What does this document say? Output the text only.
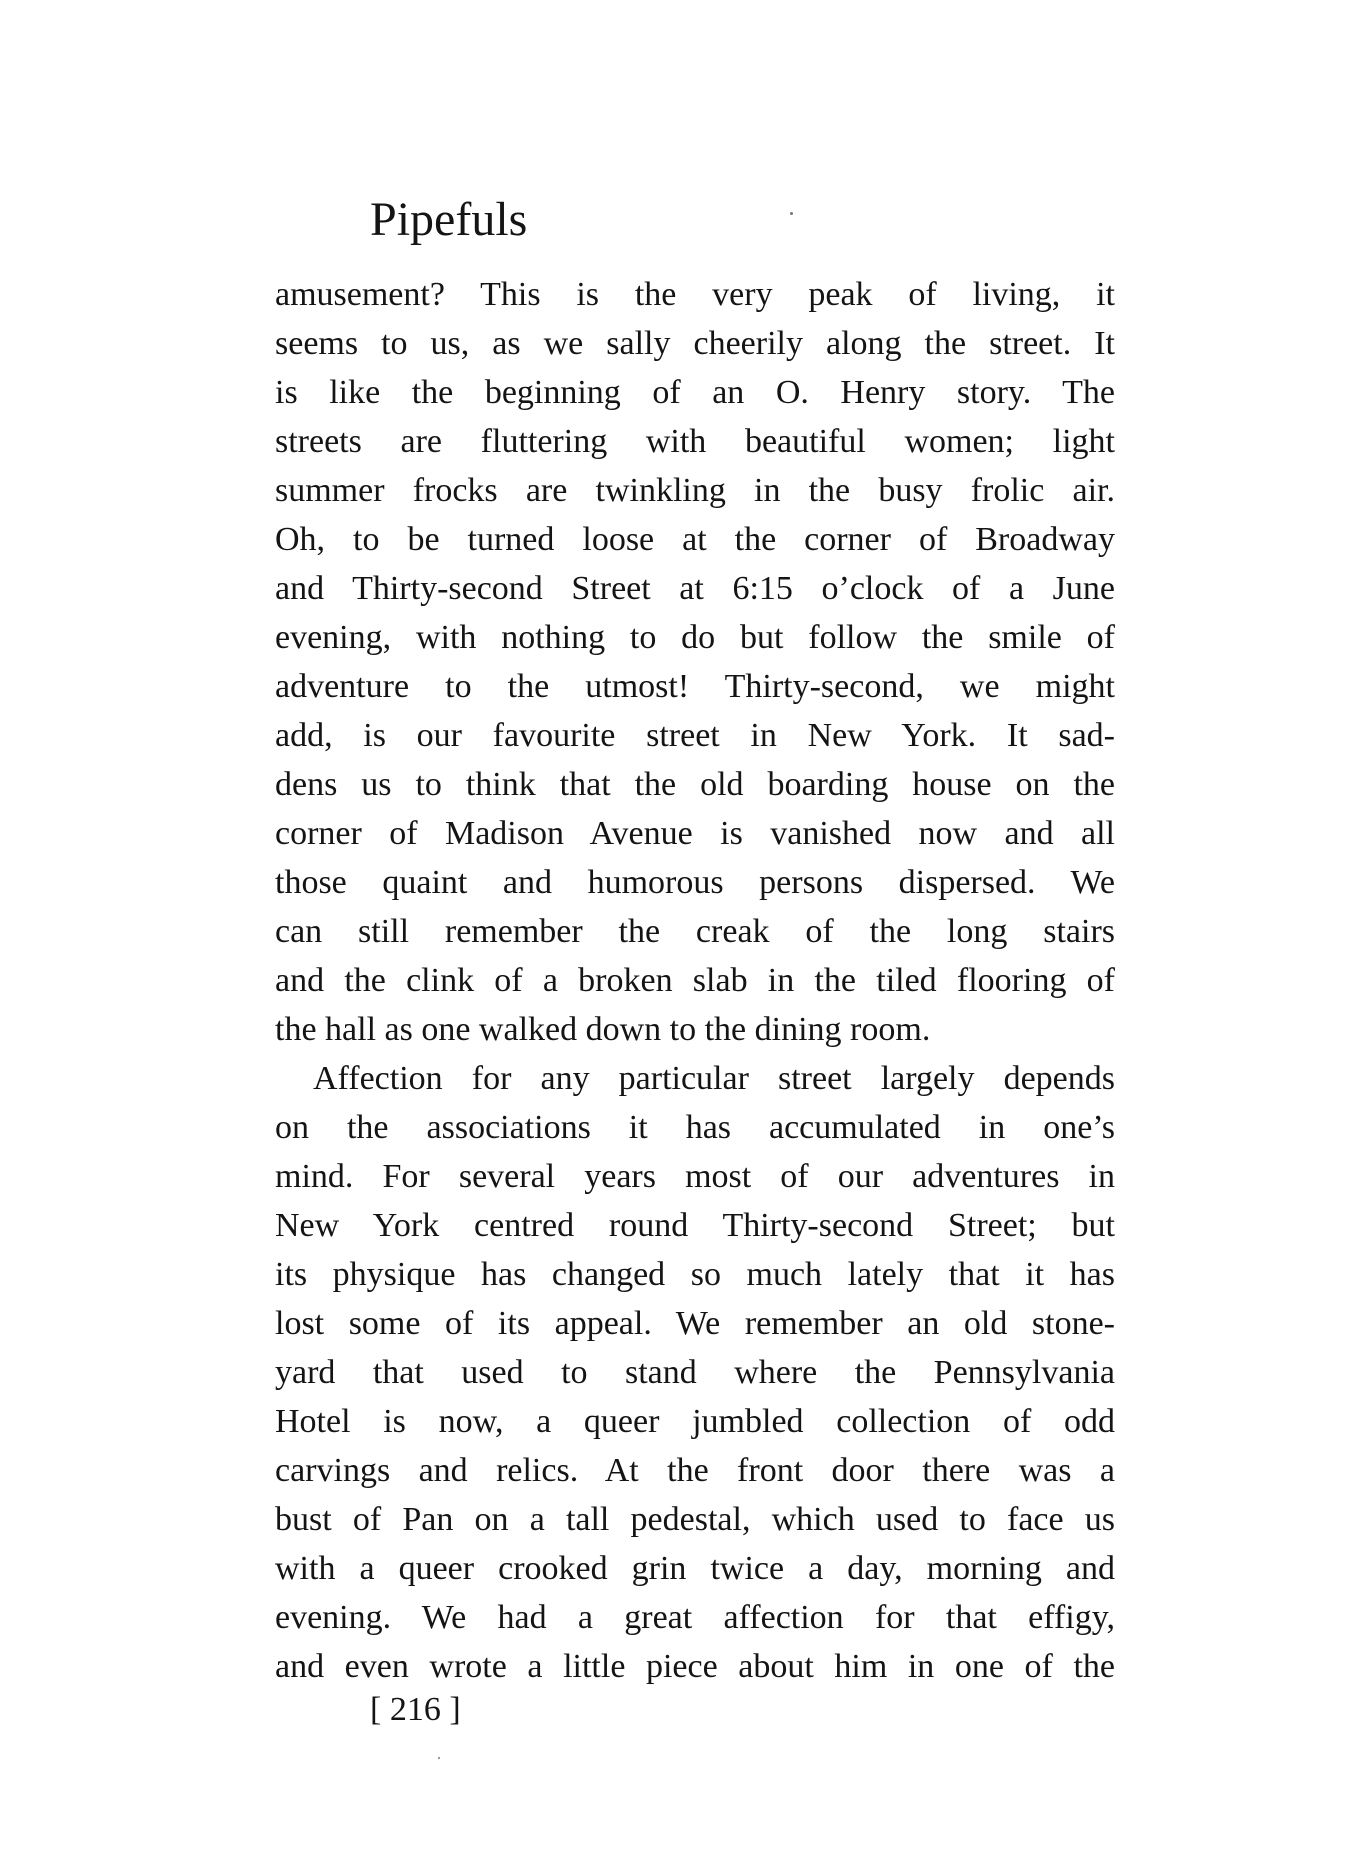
Pipefuls
amusement? This is the very peak of living, it
seems to us, as we sally cheerily along the street. It
is like the beginning of an O. Henry story. The
streets are fluttering with beautiful women; light
summer frocks are twinkling in the busy frolic air.
Oh, to be turned loose at the corner of Broadway
and Thirty-second Street at 6:15 o’clock of a June
evening, with nothing to do but follow the smile of
adventure to the utmost! Thirty-second, we might
add, is our favourite street in New York. It sad-
dens us to think that the old boarding house on the
corner of Madison Avenue is vanished now and all
those quaint and humorous persons dispersed. We
can still remember the creak of the long stairs
and the clink of a broken slab in the tiled flooring of
the hall as one walked down to the dining room.
Affection for any particular street largely depends
on the associations it has accumulated in one’s
mind. For several years most of our adventures in
New York centred round Thirty-second Street; but
its physique has changed so much lately that it has
lost some of its appeal. We remember an old stone-
yard that used to stand where the Pennsylvania
Hotel is now, a queer jumbled collection of odd
carvings and relics. At the front door there was a
bust of Pan on a tall pedestal, which used to face us
with a queer crooked grin twice a day, morning and
evening. We had a great affection for that effigy,
and even wrote a little piece about him in one of the
[ 216 ]
